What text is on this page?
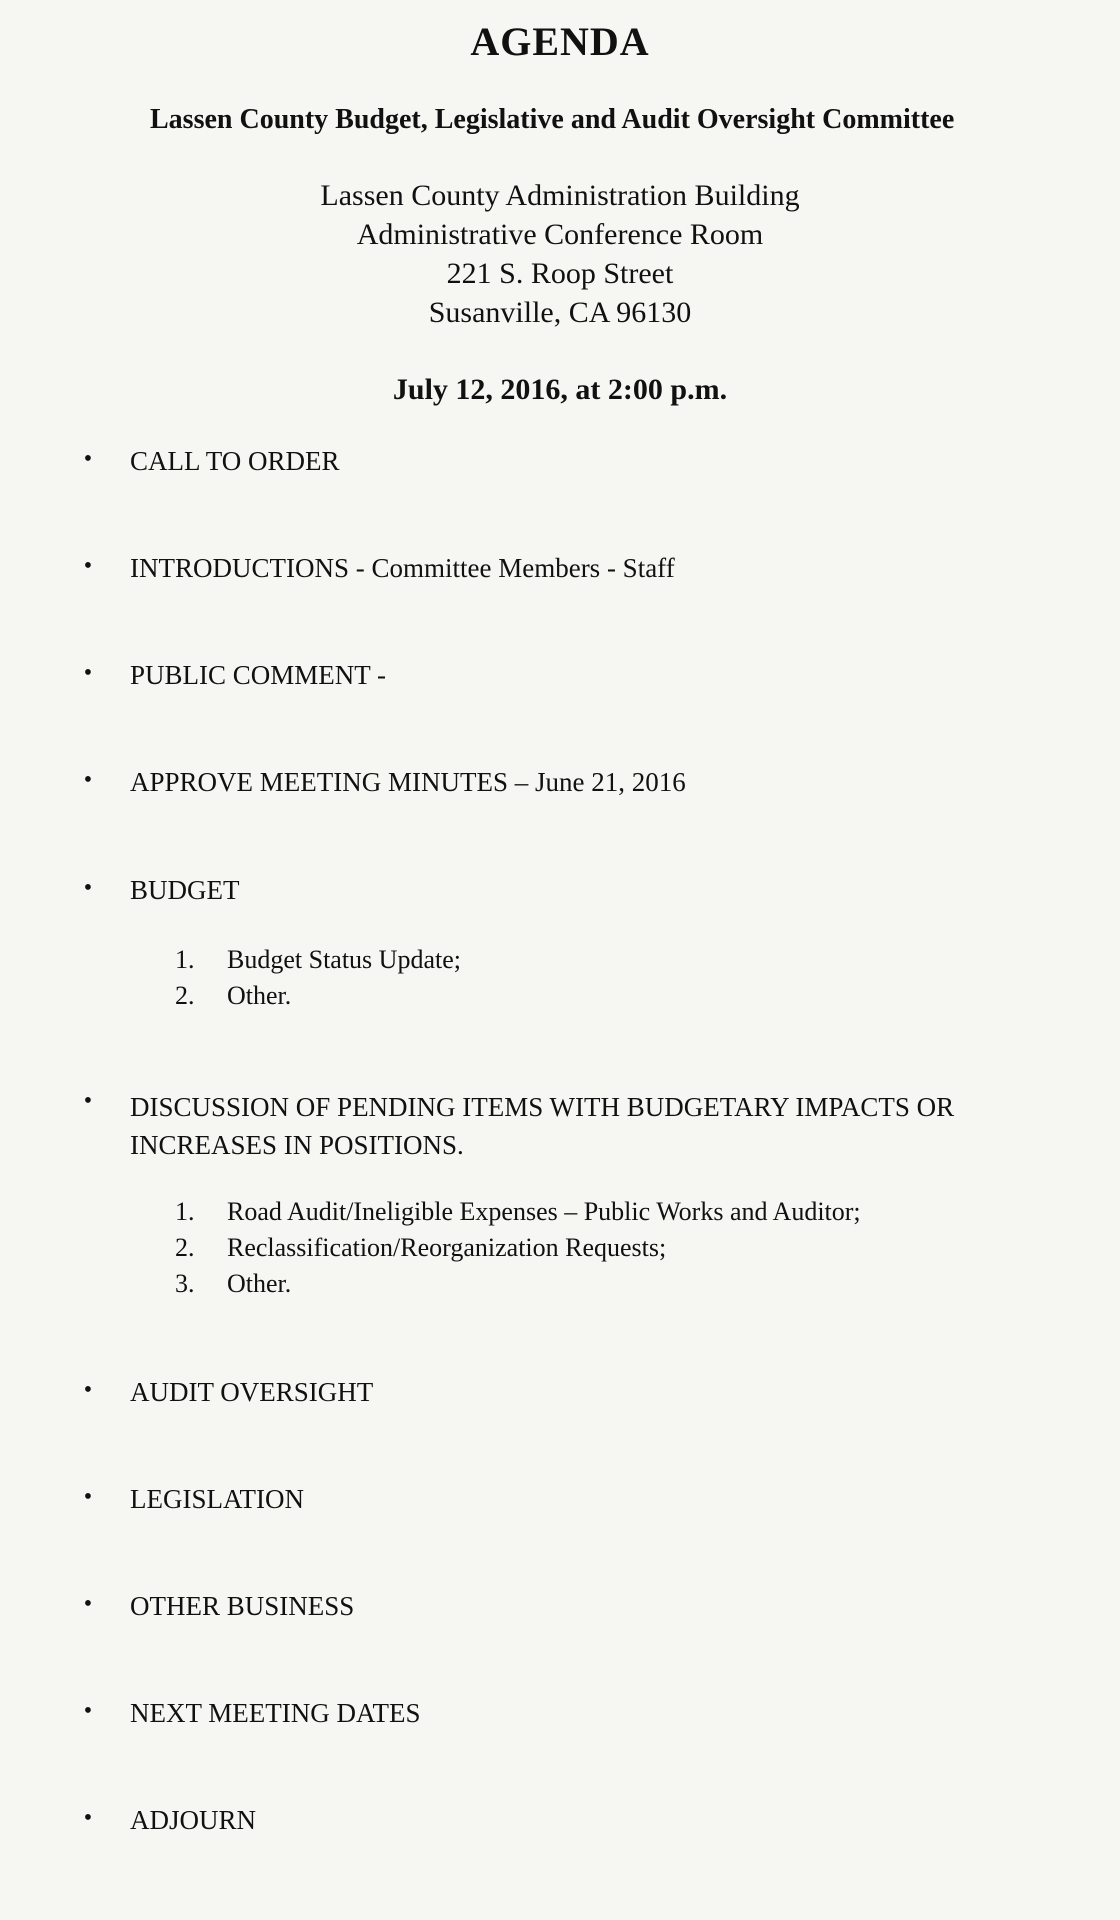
AGENDA
Lassen County Budget, Legislative and Audit Oversight Committee
Lassen County Administration Building
Administrative Conference Room
221 S. Roop Street
Susanville, CA 96130
July 12, 2016, at 2:00 p.m.
• CALL TO ORDER
• INTRODUCTIONS - Committee Members - Staff
• PUBLIC COMMENT -
• APPROVE MEETING MINUTES – June 21, 2016
• BUDGET
1. Budget Status Update;
2. Other.
• DISCUSSION OF PENDING ITEMS WITH BUDGETARY IMPACTS OR INCREASES IN POSITIONS.
1. Road Audit/Ineligible Expenses – Public Works and Auditor;
2. Reclassification/Reorganization Requests;
3. Other.
• AUDIT OVERSIGHT
• LEGISLATION
• OTHER BUSINESS
• NEXT MEETING DATES
• ADJOURN
